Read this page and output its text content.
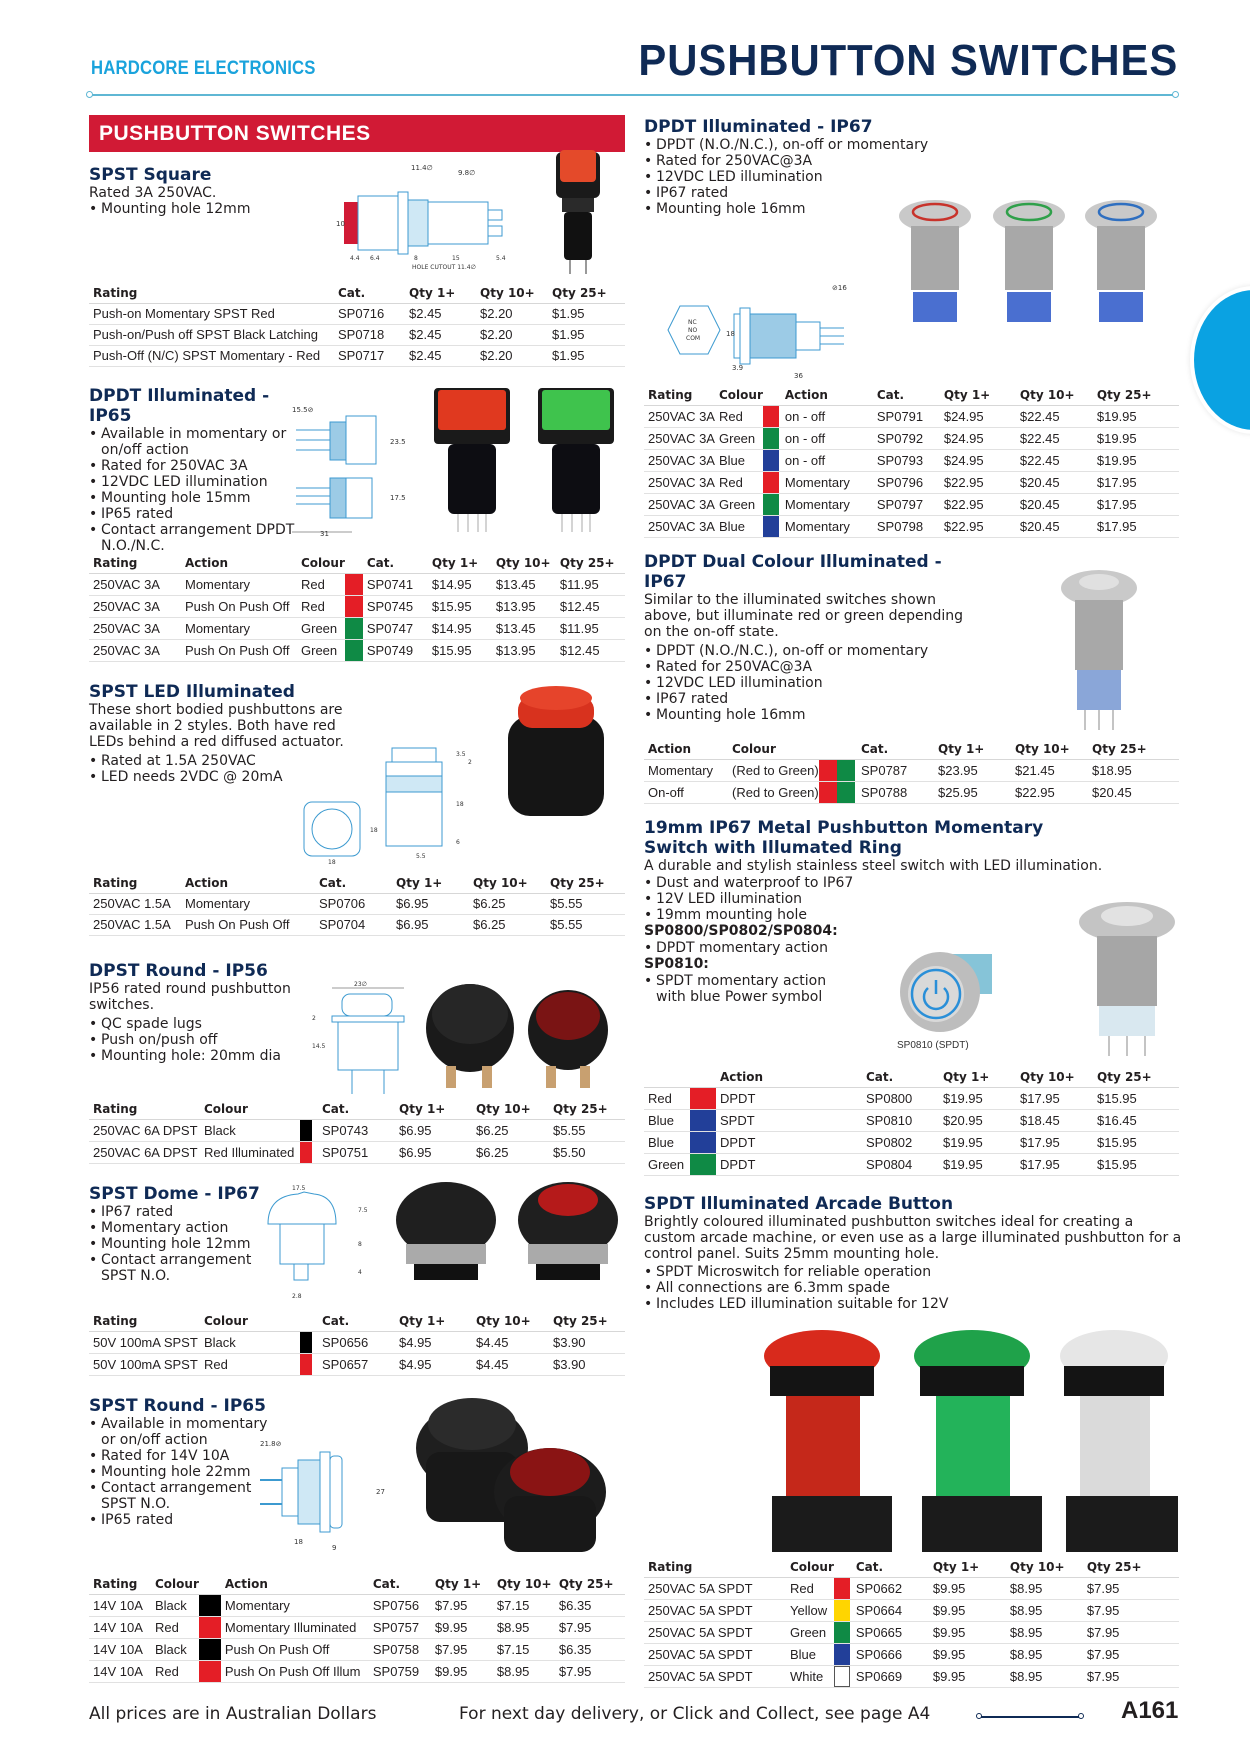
HARDCORE ELECTRONICS	PUSHBUTTON SWITCHES
PUSHBUTTON SWITCHES
SPST Square
Rated 3A 250VAC.
• Mounting hole 12mm
11.4∅
9.8∅
10
4.4 6.4	8	15	5.4
HOLE CUTOUT 11.4∅
Rating	Cat.	Qty 1+	Qty 10+	Qty 25+
Push-on Momentary SPST Red	SP0716	$2.45	$2.20	$1.95
Push-on/Push off SPST Black Latching	SP0718	$2.45	$2.20	$1.95
Push-Off (N/C) SPST Momentary - Red	SP0717	$2.45	$2.20	$1.95
DPDT Illuminated - IP65
• Available in momentary or on/off action
• Rated for 250VAC 3A
• 12VDC LED illumination
• Mounting hole 15mm
• IP65 rated
• Contact arrangement DPDT N.O./N.C.
15.5⊘
23.5
17.5
31
Rating	Action	Colour		Cat.	Qty 1+	Qty 10+	Qty 25+
250VAC 3A	Momentary	Red		SP0741	$14.95	$13.45	$11.95
250VAC 3A	Push On Push Off	Red		SP0745	$15.95	$13.95	$12.45
250VAC 3A	Momentary	Green		SP0747	$14.95	$13.45	$11.95
250VAC 3A	Push On Push Off	Green		SP0749	$15.95	$13.95	$12.45
SPST LED Illuminated
These short bodied pushbuttons are available in 2 styles. Both have red LEDs behind a red diffused actuator.
• Rated at 1.5A 250VAC
• LED needs 2VDC @ 20mA
3.5
2
18
18
6
5.5
18
Rating	Action	Cat.	Qty 1+	Qty 10+	Qty 25+
250VAC 1.5A	Momentary	SP0706	$6.95	$6.25	$5.55
250VAC 1.5A	Push On Push Off	SP0704	$6.95	$6.25	$5.55
DPST Round - IP56
IP56 rated round pushbutton switches.
• QC spade lugs
• Push on/push off
• Mounting hole: 20mm dia
23∅
2
14.5
Rating	Colour		Cat.	Qty 1+	Qty 10+	Qty 25+
250VAC 6A DPST	Black		SP0743	$6.95	$6.25	$5.55
250VAC 6A DPST	Red Illuminated		SP0751	$6.95	$6.25	$5.50
SPST Dome - IP67
• IP67 rated
• Momentary action
• Mounting hole 12mm
• Contact arrangement SPST N.O.
17.5
7.5
8
4
2.8
Rating	Colour		Cat.	Qty 1+	Qty 10+	Qty 25+
50V 100mA SPST	Black		SP0656	$4.95	$4.45	$3.90
50V 100mA SPST	Red		SP0657	$4.95	$4.45	$3.90
SPST Round - IP65
• Available in momentary or on/off action
• Rated for 14V 10A
• Mounting hole 22mm
• Contact arrangement SPST N.O.
• IP65 rated
21.8⊘
27
18
9
Rating	Colour		Action	Cat.	Qty 1+	Qty 10+	Qty 25+
14V 10A	Black		Momentary	SP0756	$7.95	$7.15	$6.35
14V 10A	Red		Momentary Illuminated	SP0757	$9.95	$8.95	$7.95
14V 10A	Black		Push On Push Off	SP0758	$7.95	$7.15	$6.35
14V 10A	Red		Push On Push Off Illum	SP0759	$9.95	$8.95	$7.95
DPDT Illuminated - IP67
• DPDT (N.O./N.C.), on-off or momentary
• Rated for 250VAC@3A
• 12VDC LED illumination
• IP67 rated
• Mounting hole 16mm
NC
NO
COM
⊘16
18
3.9
36
Rating	Colour		Action	Cat.	Qty 1+	Qty 10+	Qty 25+
250VAC 3A	Red		on - off	SP0791	$24.95	$22.45	$19.95
250VAC 3A	Green		on - off	SP0792	$24.95	$22.45	$19.95
250VAC 3A	Blue		on - off	SP0793	$24.95	$22.45	$19.95
250VAC 3A	Red		Momentary	SP0796	$22.95	$20.45	$17.95
250VAC 3A	Green		Momentary	SP0797	$22.95	$20.45	$17.95
250VAC 3A	Blue		Momentary	SP0798	$22.95	$20.45	$17.95
DPDT Dual Colour Illuminated - IP67
Similar to the illuminated switches shown above, but illuminate red or green depending on the on-off state.
• DPDT (N.O./N.C.), on-off or momentary
• Rated for 250VAC@3A
• 12VDC LED illumination
• IP67 rated
• Mounting hole 16mm
Action	Colour		Cat.	Qty 1+	Qty 10+	Qty 25+
Momentary	(Red to Green)		SP0787	$23.95	$21.45	$18.95
On-off	(Red to Green)		SP0788	$25.95	$22.95	$20.45
19mm IP67 Metal Pushbutton Momentary Switch with Illumated Ring
A durable and stylish stainless steel switch with LED illumination.
• Dust and waterproof to IP67
• 12V LED illumination
• 19mm mounting hole
SP0800/SP0802/SP0804:
• DPDT momentary action
SP0810:
• SPDT momentary action with blue Power symbol
SP0810 (SPDT)
		Action	Cat.	Qty 1+	Qty 10+	Qty 25+
Red		DPDT	SP0800	$19.95	$17.95	$15.95
Blue		SPDT	SP0810	$20.95	$18.45	$16.45
Blue		DPDT	SP0802	$19.95	$17.95	$15.95
Green		DPDT	SP0804	$19.95	$17.95	$15.95
SPDT Illuminated Arcade Button
Brightly coloured illuminated pushbutton switches ideal for creating a custom arcade machine, or even use as a large illuminated pushbutton for a control panel. Suits 25mm mounting hole.
• SPDT Microswitch for reliable operation
• All connections are 6.3mm spade
• Includes LED illumination suitable for 12V
Rating	Colour		Cat.	Qty 1+	Qty 10+	Qty 25+
250VAC 5A SPDT	Red		SP0662	$9.95	$8.95	$7.95
250VAC 5A SPDT	Yellow		SP0664	$9.95	$8.95	$7.95
250VAC 5A SPDT	Green		SP0665	$9.95	$8.95	$7.95
250VAC 5A SPDT	Blue		SP0666	$9.95	$8.95	$7.95
250VAC 5A SPDT	White		SP0669	$9.95	$8.95	$7.95
All prices are in Australian Dollars	For next day delivery, or Click and Collect, see page A4	A161
